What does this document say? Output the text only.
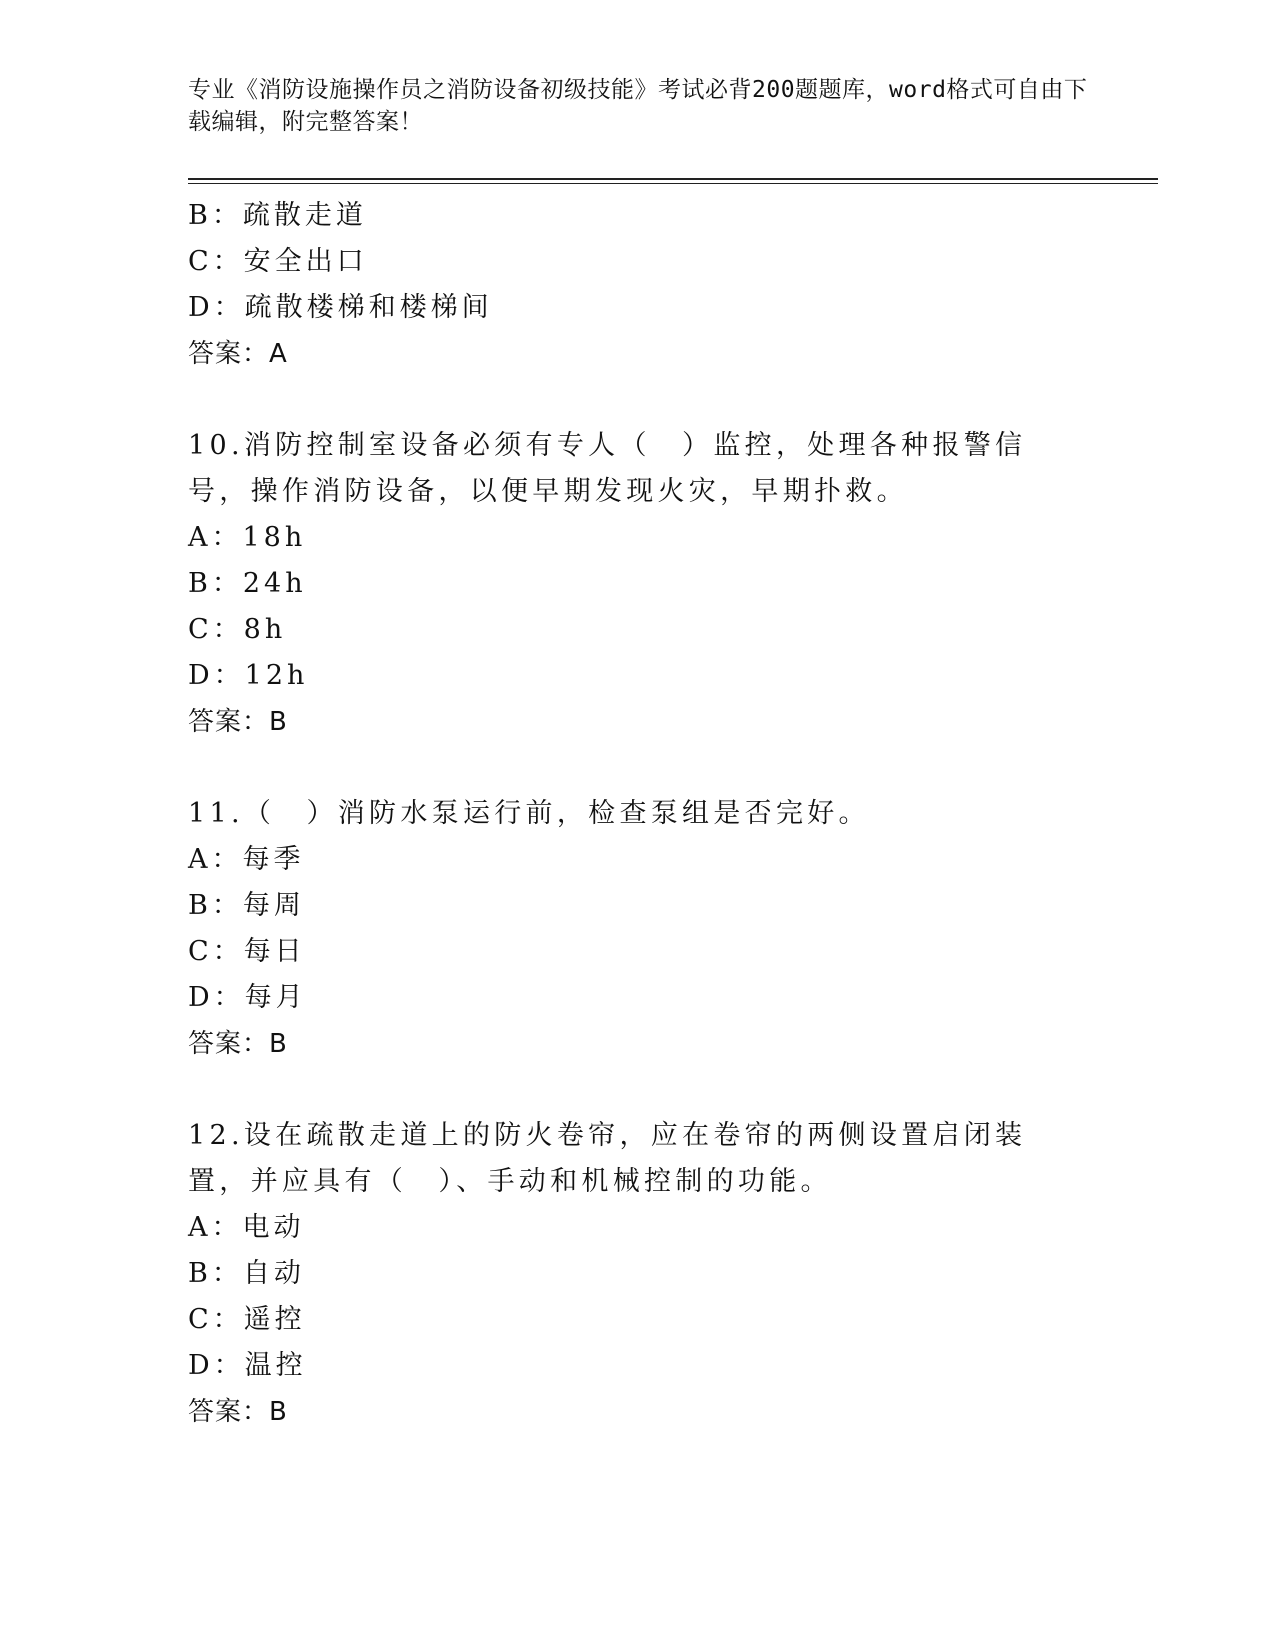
专业《消防设施操作员之消防设备初级技能》考试必背200题题库，word格式可自由下载编辑，附完整答案！
B：疏散走道
C：安全出口
D：疏散楼梯和楼梯间
答案：A
10.消防控制室设备必须有专人（　）监控，处理各种报警信号，操作消防设备，以便早期发现火灾，早期扑救。
A：18h
B：24h
C：8h
D：12h
答案：B
11.（　）消防水泵运行前，检查泵组是否完好。
A：每季
B：每周
C：每日
D：每月
答案：B
12.设在疏散走道上的防火卷帘，应在卷帘的两侧设置启闭装置，并应具有（　）、手动和机械控制的功能。
A：电动
B：自动
C：遥控
D：温控
答案：B
